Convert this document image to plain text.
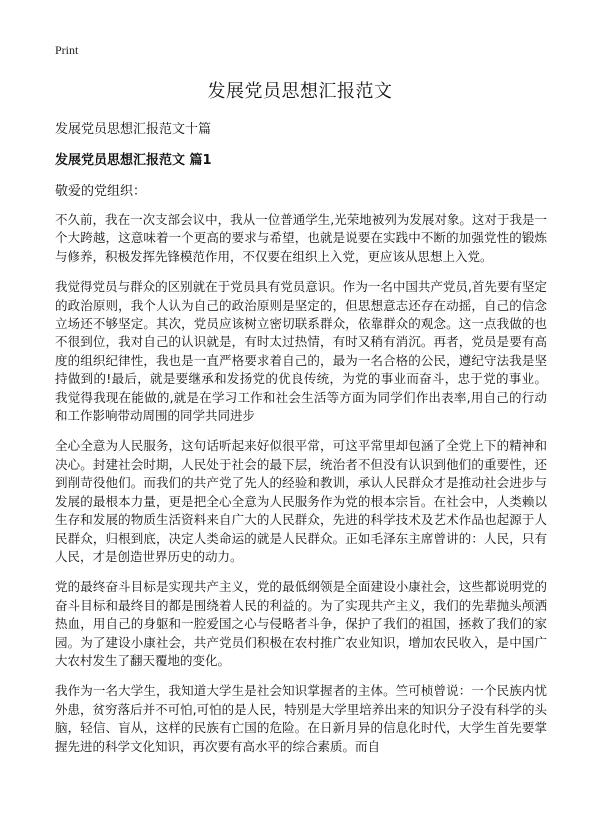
Print
发展党员思想汇报范文

发展党员思想汇报范文十篇

发展党员思想汇报范文 篇1

敬爱的党组织：

不久前，我在一次支部会议中，我从一位普通学生,光荣地被列为发展对象。这对于我是一个大跨越，这意味着一个更高的要求与希望，也就是说要在实践中不断的加强党性的锻炼与修养，积极发挥先锋模范作用，不仅要在组织上入党，更应该从思想上入党。

我觉得党员与群众的区别就在于党员具有党员意识。作为一名中国共产党员,首先要有坚定的政治原则，我个人认为自己的政治原则是坚定的，但思想意志还存在动摇，自己的信念立场还不够坚定。其次，党员应该树立密切联系群众，依靠群众的观念。这一点我做的也不很到位，我对自己的认识就是，有时太过热情，有时又稍有消沉。再者，党员是要有高度的组织纪律性，我也是一直严格要求着自己的，最为一名合格的公民，遵纪守法我是坚持做到的!最后，就是要继承和发扬党的优良传统，为党的事业而奋斗，忠于党的事业。我觉得我现在能做的,就是在学习工作和社会生活等方面为同学们作出表率,用自己的行动和工作影响带动周围的同学共同进步

全心全意为人民服务，这句话听起来好似很平常，可这平常里却包涵了全党上下的精神和决心。封建社会时期，人民处于社会的最下层，统治者不但没有认识到他们的重要性，还到削苛役他们。而我们的共产党了先人的经验和教训，承认人民群众才是推动社会进步与发展的最根本力量，更是把全心全意为人民服务作为党的根本宗旨。在社会中，人类赖以生存和发展的物质生活资料来自广大的人民群众，先进的科学技术及艺术作品也起源于人民群众，归根到底，决定人类命运的就是人民群众。正如毛泽东主席曾讲的：人民，只有人民，才是创造世界历史的动力。

党的最终奋斗目标是实现共产主义，党的最低纲领是全面建设小康社会，这些都说明党的奋斗目标和最终目的都是围绕着人民的利益的。为了实现共产主义，我们的先辈抛头颅洒热血，用自己的身躯和一腔爱国之心与侵略者斗争，保护了我们的祖国，拯救了我们的家园。为了建设小康社会，共产党员们积极在农村推广农业知识，增加农民收入，是中国广大农村发生了翻天覆地的变化。

我作为一名大学生，我知道大学生是社会知识掌握者的主体。竺可桢曾说：一个民族内忧外患，贫穷落后并不可怕,可怕的是人民，特别是大学里培养出来的知识分子没有科学的头脑，轻信、盲从，这样的民族有亡国的危险。在日新月异的信息化时代，大学生首先要掌握先进的科学文化知识，再次要有高水平的综合素质。而自
